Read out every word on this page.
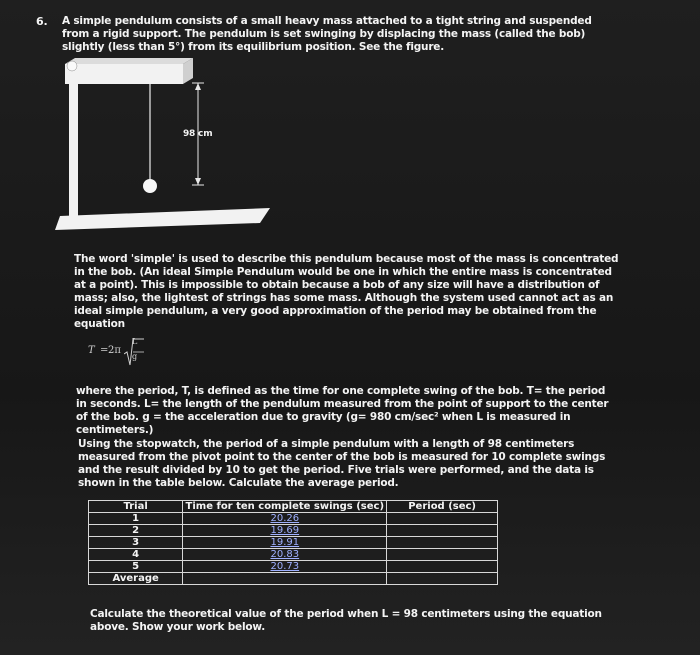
6. A simple pendulum consists of a small heavy mass attached to a tight string and suspended from a rigid support. The pendulum is set swinging by displacing the mass (called the bob) slightly (less than 5°) from its equilibrium position. See the figure.
98 cm
The word 'simple' is used to describe this pendulum because most of the mass is concentrated in the bob. (An ideal Simple Pendulum would be one in which the entire mass is concentrated at a point). This is impossible to obtain because a bob of any size will have a distribution of mass; also, the lightest of strings has some mass. Although the system used cannot act as an ideal simple pendulum, a very good approximation of the period may be obtained from the equation
T = 2π
L
g
where the period, T, is defined as the time for one complete swing of the bob. T= the period in seconds. L= the length of the pendulum measured from the point of support to the center of the bob. g = the acceleration due to gravity (g= 980 cm/sec² when L is measured in centimeters.)
Using the stopwatch, the period of a simple pendulum with a length of 98 centimeters measured from the pivot point to the center of the bob is measured for 10 complete swings and the result divided by 10 to get the period. Five trials were performed, and the data is shown in the table below. Calculate the average period.
Trial	Time for ten complete swings (sec)	Period (sec)
1	20.26	
2	19.69	
3	19.91	
4	20.83	
5	20.73	
Average		
Calculate the theoretical value of the period when L = 98 centimeters using the equation above. Show your work below.
